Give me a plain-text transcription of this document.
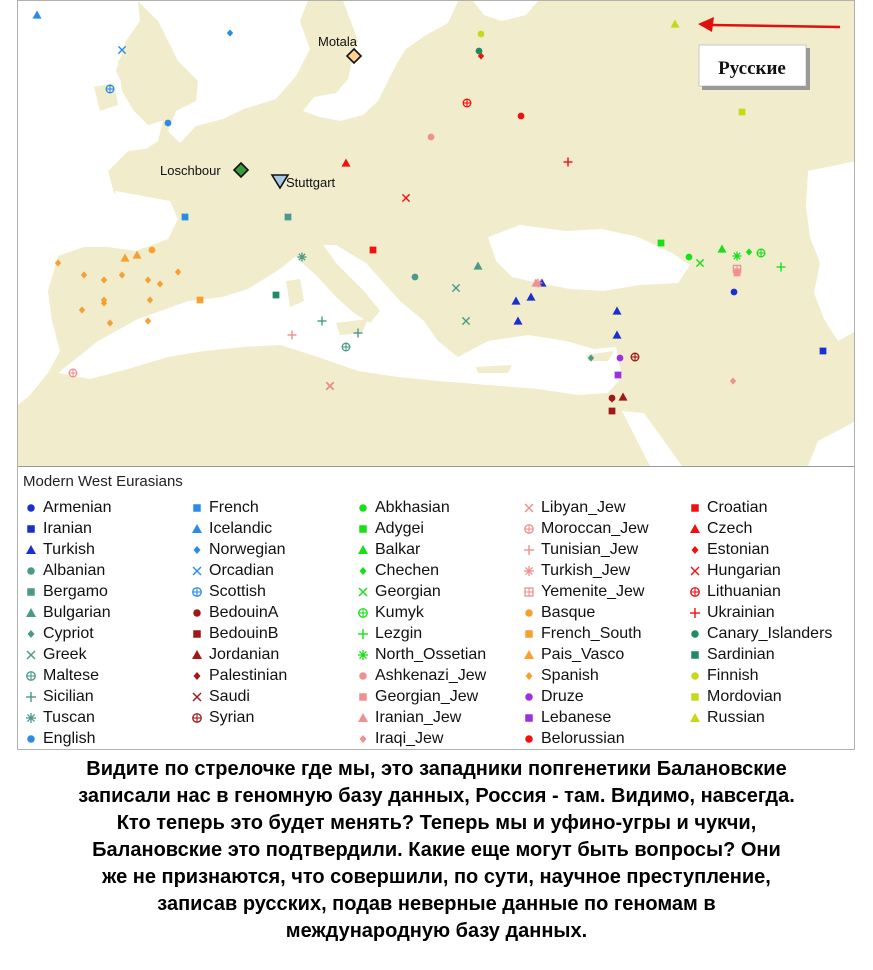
Motala
Loschbour
Stuttgart
Русские
Modern West Eurasians
Armenian
Iranian
Turkish
Albanian
Bergamo
Bulgarian
Cypriot
Greek
Maltese
Sicilian
Tuscan
English
French
Icelandic
Norwegian
Orcadian
Scottish
BedouinA
BedouinB
Jordanian
Palestinian
Saudi
Syrian
Abkhasian
Adygei
Balkar
Chechen
Georgian
Kumyk
Lezgin
North_Ossetian
Ashkenazi_Jew
Georgian_Jew
Iranian_Jew
Iraqi_Jew
Libyan_Jew
Moroccan_Jew
Tunisian_Jew
Turkish_Jew
Yemenite_Jew
Basque
French_South
Pais_Vasco
Spanish
Druze
Lebanese
Belorussian
Croatian
Czech
Estonian
Hungarian
Lithuanian
Ukrainian
Canary_Islanders
Sardinian
Finnish
Mordovian
Russian
Видите по стрелочке где мы, это западники попгенетики Балановские
записали нас в геномную базу данных, Россия - там. Видимо, навсегда.
Кто теперь это будет менять? Теперь мы и уфино-угры и чукчи,
Балановские это подтвердили. Какие еще могут быть вопросы? Они
же не признаются, что совершили, по сути, научное преступление,
записав русских, подав неверные данные по геномам в
международную базу данных.
